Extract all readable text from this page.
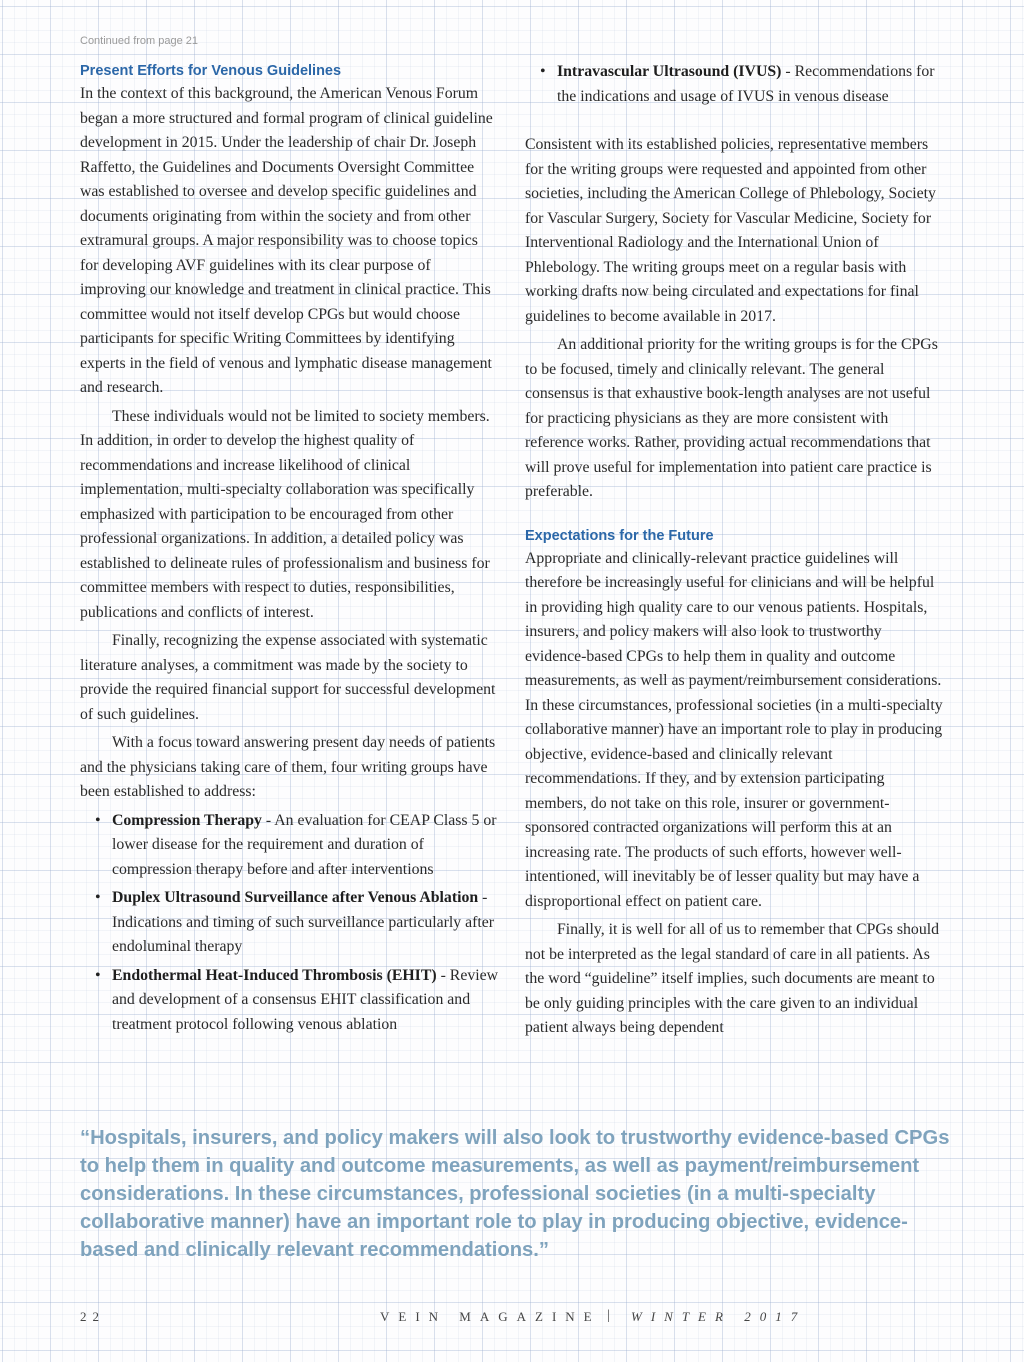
Continued from page 21

Present Efforts for Venous Guidelines

In the context of this background, the American Venous Forum began a more structured and formal program of clinical guideline development in 2015. Under the leadership of chair Dr. Joseph Raffetto, the Guidelines and Documents Oversight Committee was established to oversee and develop specific guidelines and documents originating from within the society and from other extramural groups. A major responsibility was to choose topics for developing AVF guidelines with its clear purpose of improving our knowledge and treatment in clinical practice. This committee would not itself develop CPGs but would choose participants for specific Writing Committees by identifying experts in the field of venous and lymphatic disease management and research.

These individuals would not be limited to society members. In addition, in order to develop the highest quality of recommendations and increase likelihood of clinical implementation, multi-specialty collaboration was specifically emphasized with participation to be encouraged from other professional organizations. In addition, a detailed policy was established to delineate rules of professionalism and business for committee members with respect to duties, responsibilities, publications and conflicts of interest.

Finally, recognizing the expense associated with systematic literature analyses, a commitment was made by the society to provide the required financial support for successful development of such guidelines.

With a focus toward answering present day needs of patients and the physicians taking care of them, four writing groups have been established to address:

• Compression Therapy - An evaluation for CEAP Class 5 or lower disease for the requirement and duration of compression therapy before and after interventions
• Duplex Ultrasound Surveillance after Venous Ablation - Indications and timing of such surveillance particularly after endoluminal therapy
• Endothermal Heat-Induced Thrombosis (EHIT) - Review and development of a consensus EHIT classification and treatment protocol following venous ablation
• Intravascular Ultrasound (IVUS) - Recommendations for the indications and usage of IVUS in venous disease

Consistent with its established policies, representative members for the writing groups were requested and appointed from other societies, including the American College of Phlebology, Society for Vascular Surgery, Society for Vascular Medicine, Society for Interventional Radiology and the International Union of Phlebology. The writing groups meet on a regular basis with working drafts now being circulated and expectations for final guidelines to become available in 2017.

An additional priority for the writing groups is for the CPGs to be focused, timely and clinically relevant. The general consensus is that exhaustive book-length analyses are not useful for practicing physicians as they are more consistent with reference works. Rather, providing actual recommendations that will prove useful for implementation into patient care practice is preferable.

Expectations for the Future

Appropriate and clinically-relevant practice guidelines will therefore be increasingly useful for clinicians and will be helpful in providing high quality care to our venous patients. Hospitals, insurers, and policy makers will also look to trustworthy evidence-based CPGs to help them in quality and outcome measurements, as well as payment/reimbursement considerations. In these circumstances, professional societies (in a multi-specialty collaborative manner) have an important role to play in producing objective, evidence-based and clinically relevant recommendations. If they, and by extension participating members, do not take on this role, insurer or government-sponsored contracted organizations will perform this at an increasing rate. The products of such efforts, however well-intentioned, will inevitably be of lesser quality but may have a disproportional effect on patient care.

Finally, it is well for all of us to remember that CPGs should not be interpreted as the legal standard of care in all patients. As the word “guideline” itself implies, such documents are meant to be only guiding principles with the care given to an individual patient always being dependent

“Hospitals, insurers, and policy makers will also look to trustworthy evidence-based CPGs to help them in quality and outcome measurements, as well as payment/reimbursement considerations. In these circumstances, professional societies (in a multi-specialty collaborative manner) have an important role to play in producing objective, evidence-based and clinically relevant recommendations.”

22	VEIN MAGAZINE | WINTER 2017
